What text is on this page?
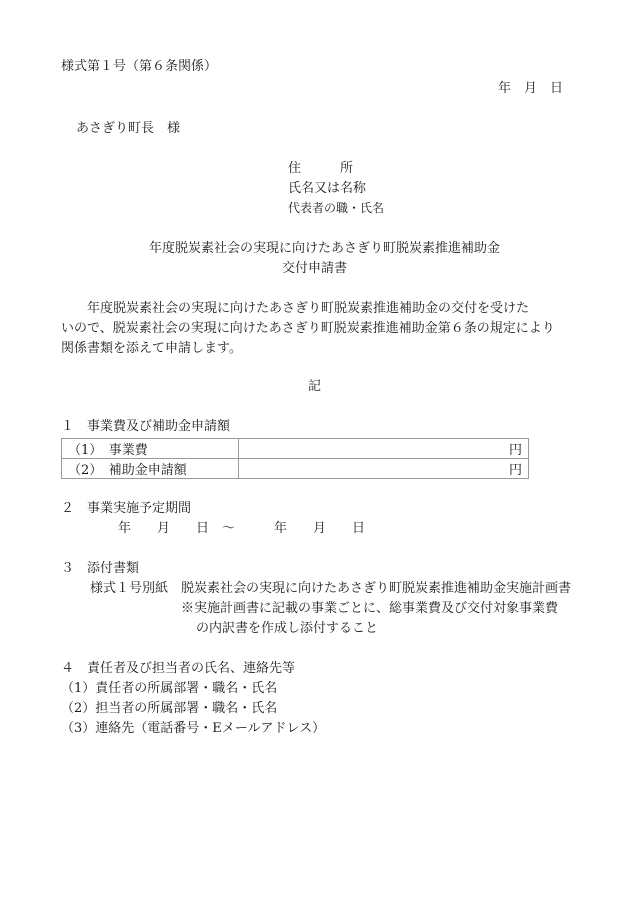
様式第１号（第６条関係）
年　月　日
あさぎり町長　様
住　　　所
氏名又は名称
代表者の職・氏名
年度脱炭素社会の実現に向けたあさぎり町脱炭素推進補助金
交付申請書
　　年度脱炭素社会の実現に向けたあさぎり町脱炭素推進補助金の交付を受けた
いので、脱炭素社会の実現に向けたあさぎり町脱炭素推進補助金第６条の規定により
関係書類を添えて申請します。
記
１　事業費及び補助金申請額
（1）　事業費	円
（2）　補助金申請額	円
２　事業実施予定期間
年　　月　　日　～　　　年　　月　　日
３　添付書類
様式１号別紙　脱炭素社会の実現に向けたあさぎり町脱炭素推進補助金実施計画書
※実施計画書に記載の事業ごとに、総事業費及び交付対象事業費
の内訳書を作成し添付すること
４　責任者及び担当者の氏名、連絡先等
（1）責任者の所属部署・職名・氏名
（2）担当者の所属部署・職名・氏名
（3）連絡先（電話番号・Eメールアドレス）
